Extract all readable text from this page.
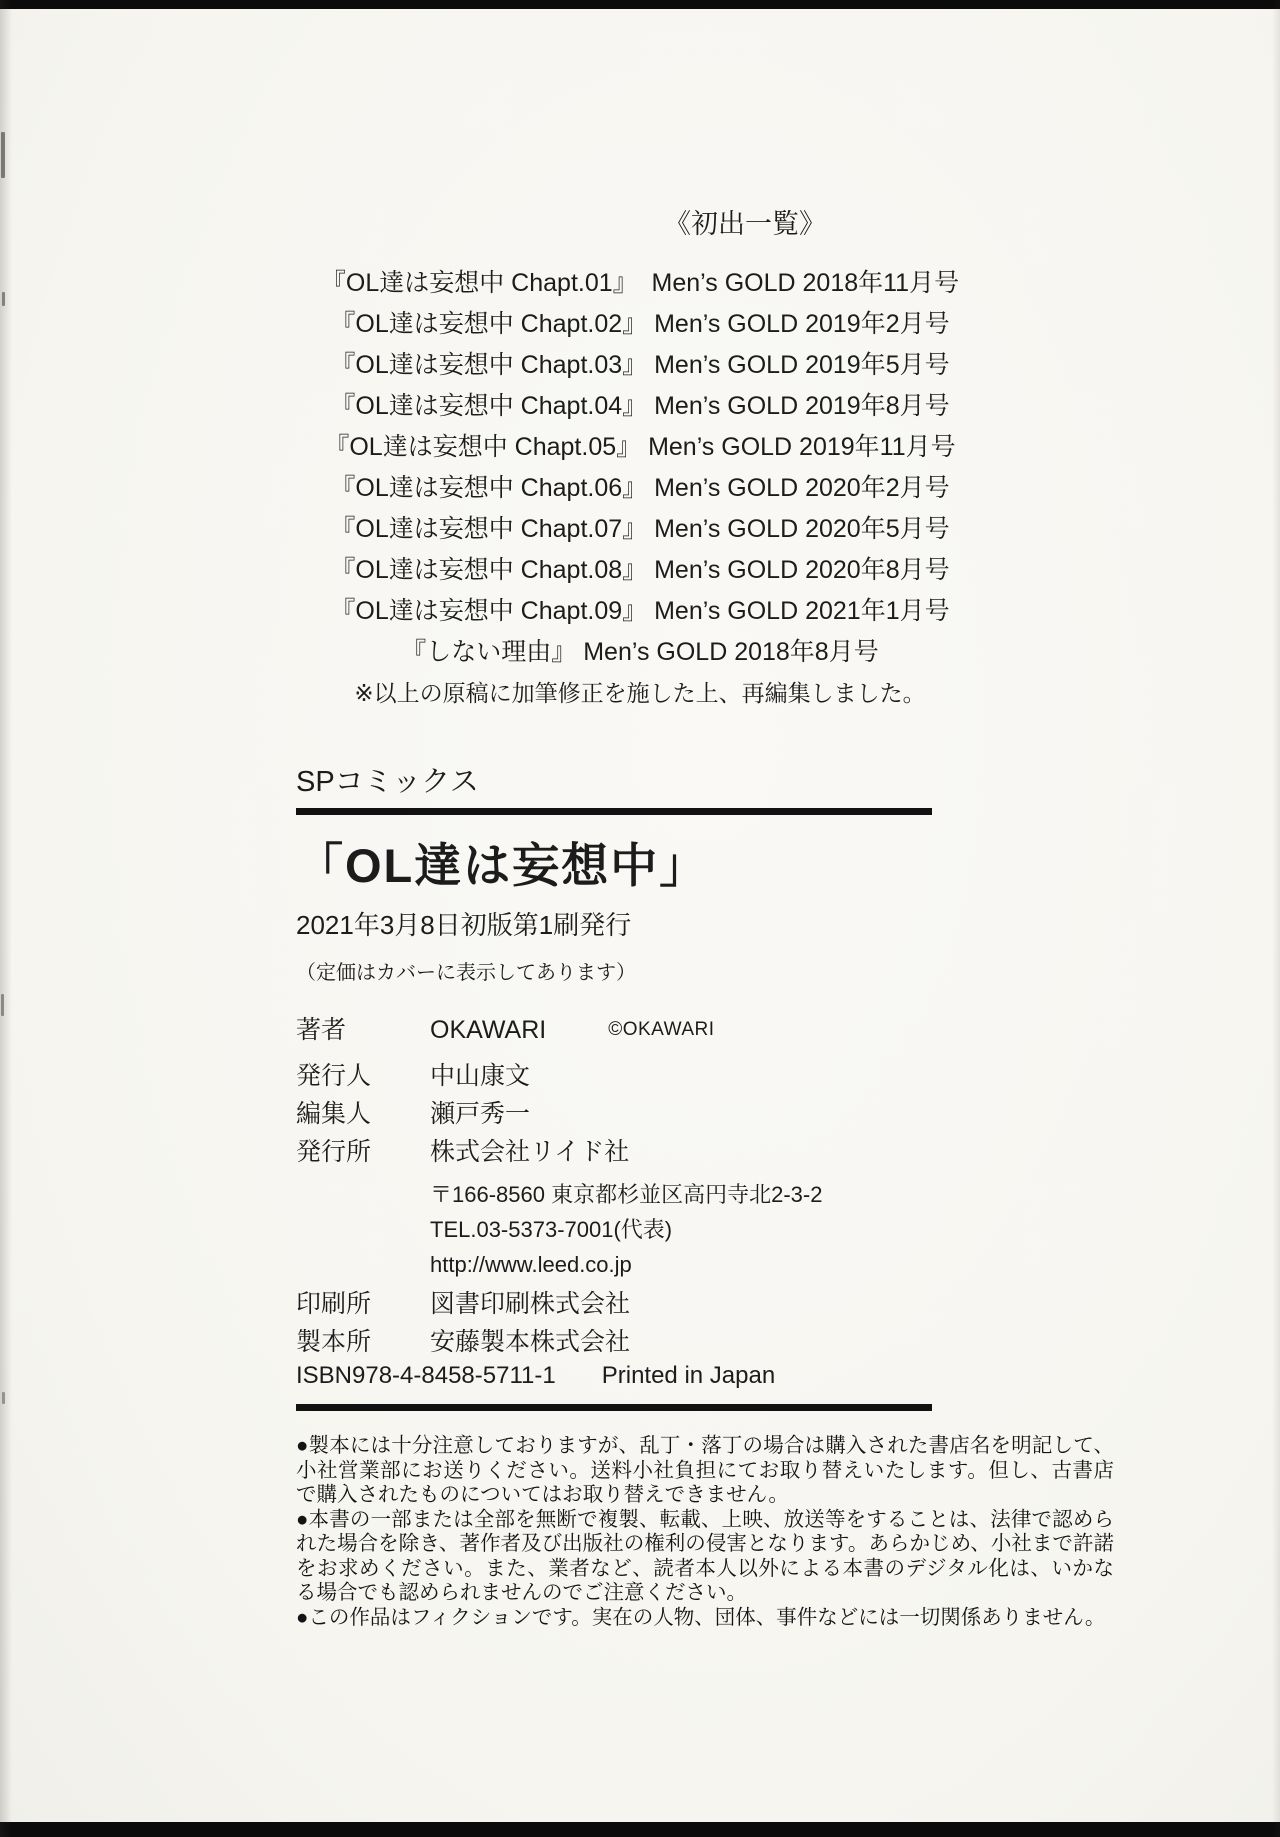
《初出一覧》
『OL達は妄想中 Chapt.01』  Men’s GOLD 2018年11月号
『OL達は妄想中 Chapt.02』 Men’s GOLD 2019年2月号
『OL達は妄想中 Chapt.03』 Men’s GOLD 2019年5月号
『OL達は妄想中 Chapt.04』 Men’s GOLD 2019年8月号
『OL達は妄想中 Chapt.05』 Men’s GOLD 2019年11月号
『OL達は妄想中 Chapt.06』 Men’s GOLD 2020年2月号
『OL達は妄想中 Chapt.07』 Men’s GOLD 2020年5月号
『OL達は妄想中 Chapt.08』 Men’s GOLD 2020年8月号
『OL達は妄想中 Chapt.09』 Men’s GOLD 2021年1月号
『しない理由』 Men’s GOLD 2018年8月号
※以上の原稿に加筆修正を施した上、再編集しました。
SPコミックス
「OL達は妄想中」
2021年3月8日初版第1刷発行
（定価はカバーに表示してあります）
著者	OKAWARI	©OKAWARI
発行人	中山康文
編集人	瀬戸秀一
発行所	株式会社リイド社
〒166-8560 東京都杉並区高円寺北2-3-2
TEL.03-5373-7001(代表)
http://www.leed.co.jp
印刷所	図書印刷株式会社
製本所	安藤製本株式会社
ISBN978-4-8458-5711-1 Printed in Japan

●製本には十分注意しておりますが、乱丁・落丁の場合は購入された書店名を明記して、小社営業部にお送りください。送料小社負担にてお取り替えいたします。但し、古書店で購入されたものについてはお取り替えできません。

●本書の一部または全部を無断で複製、転載、上映、放送等をすることは、法律で認められた場合を除き、著作者及び出版社の権利の侵害となります。あらかじめ、小社まで許諾をお求めください。また、業者など、読者本人以外による本書のデジタル化は、いかなる場合でも認められませんのでご注意ください。

●この作品はフィクションです。実在の人物、団体、事件などには一切関係ありません。
